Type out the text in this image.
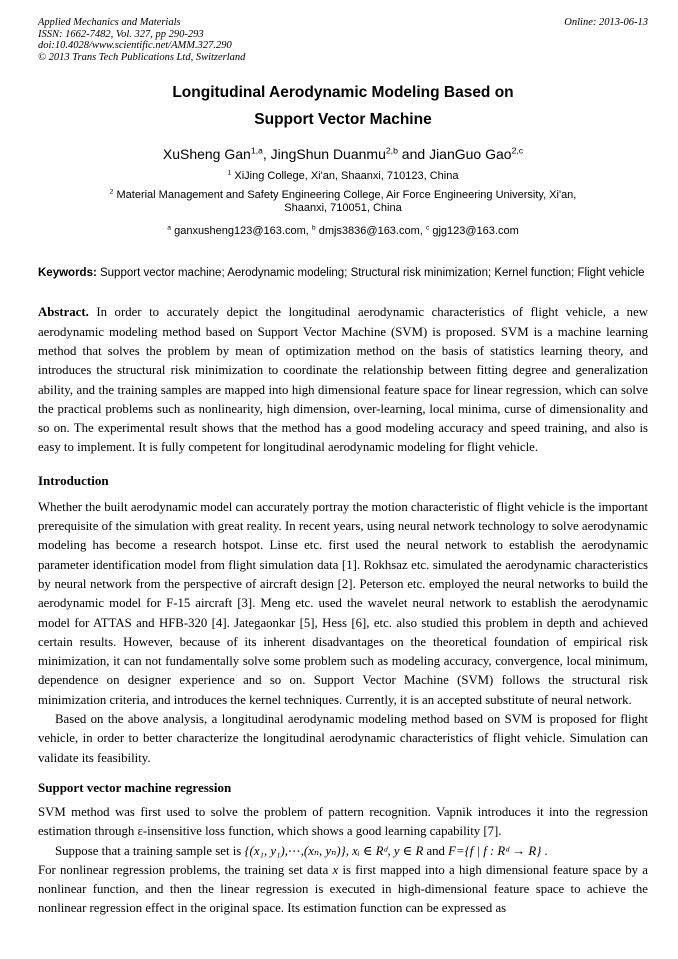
Applied Mechanics and Materials
ISSN: 1662-7482, Vol. 327, pp 290-293
doi:10.4028/www.scientific.net/AMM.327.290
© 2013 Trans Tech Publications Ltd, Switzerland
Online: 2013-06-13
Longitudinal Aerodynamic Modeling Based on
Support Vector Machine
XuSheng Gan$^{1,a}$, JingShun Duanmu$^{2,b}$ and JianGuo Gao$^{2,c}$
$^1$ XiJing College, Xi'an, Shaanxi, 710123, China
$^2$ Material Management and Safety Engineering College, Air Force Engineering University, Xi'an, Shaanxi, 710051, China
$^a$ ganxusheng123@163.com, $^b$ dmjs3836@163.com, $^c$ gjg123@163.com
Keywords: Support vector machine; Aerodynamic modeling; Structural risk minimization; Kernel function; Flight vehicle
Abstract. In order to accurately depict the longitudinal aerodynamic characteristics of flight vehicle, a new aerodynamic modeling method based on Support Vector Machine (SVM) is proposed. SVM is a machine learning method that solves the problem by mean of optimization method on the basis of statistics learning theory, and introduces the structural risk minimization to coordinate the relationship between fitting degree and generalization ability, and the training samples are mapped into high dimensional feature space for linear regression, which can solve the practical problems such as nonlinearity, high dimension, over-learning, local minima, curse of dimensionality and so on. The experimental result shows that the method has a good modeling accuracy and speed training, and also is easy to implement. It is fully competent for longitudinal aerodynamic modeling for flight vehicle.
Introduction

Whether the built aerodynamic model can accurately portray the motion characteristic of flight vehicle is the important prerequisite of the simulation with great reality. In recent years, using neural network technology to solve aerodynamic modeling has become a research hotspot. Linse etc. first used the neural network to establish the aerodynamic parameter identification model from flight simulation data [1]. Rokhsaz etc. simulated the aerodynamic characteristics by neural network from the perspective of aircraft design [2]. Peterson etc. employed the neural networks to build the aerodynamic model for F-15 aircraft [3]. Meng etc. used the wavelet neural network to establish the aerodynamic model for ATTAS and HFB-320 [4]. Jategaonkar [5], Hess [6], etc. also studied this problem in depth and achieved certain results. However, because of its inherent disadvantages on the theoretical foundation of empirical risk minimization, it can not fundamentally solve some problem such as modeling accuracy, convergence, local minimum, dependence on designer experience and so on. Support Vector Machine (SVM) follows the structural risk minimization criteria, and introduces the kernel techniques. Currently, it is an accepted substitute of neural network.

Based on the above analysis, a longitudinal aerodynamic modeling method based on SVM is proposed for flight vehicle, in order to better characterize the longitudinal aerodynamic characteristics of flight vehicle. Simulation can validate its feasibility.

Support vector machine regression

SVM method was first used to solve the problem of pattern recognition. Vapnik introduces it into the regression estimation through ε-insensitive loss function, which shows a good learning capability [7].

Suppose that a training sample set is {(x₁, y₁),⋯,(xₙ, yₙ)}, xᵢ ∈ Rᵈ, y ∈ R and F={f | f : Rᵈ → R} .

For nonlinear regression problems, the training set data x is first mapped into a high dimensional feature space by a nonlinear function, and then the linear regression is executed in high-dimensional feature space to achieve the nonlinear regression effect in the original space. Its estimation function can be expressed as
